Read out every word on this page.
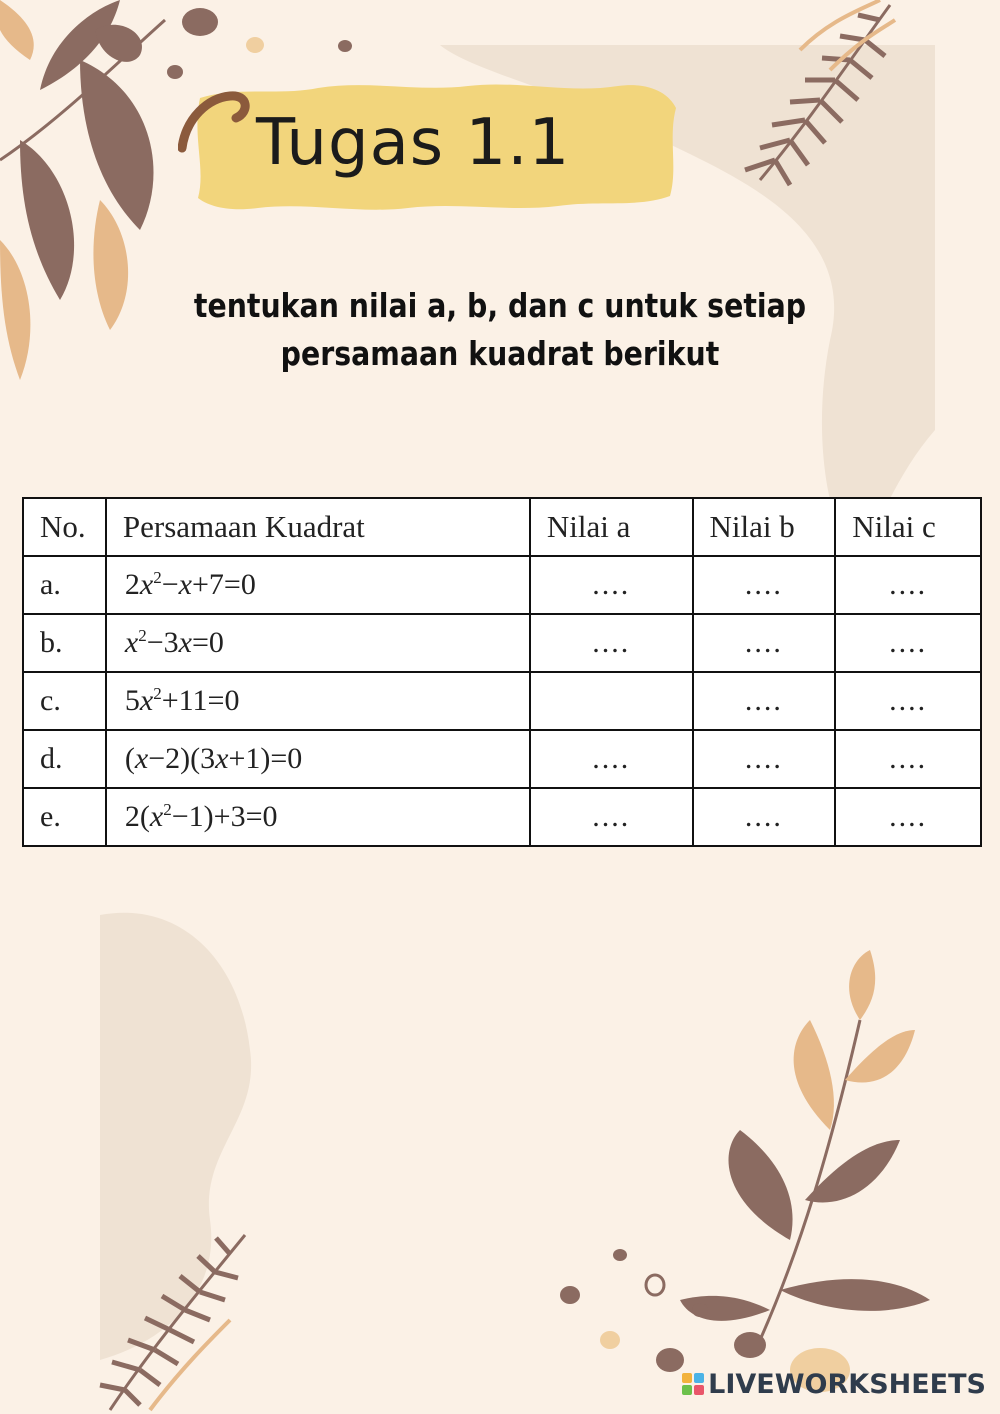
Tugas 1.1
tentukan nilai a, b, dan c untuk setiap persamaan kuadrat berikut
No.	Persamaan Kuadrat	Nilai a	Nilai b	Nilai c
a.	$2x^2-x+7=0$	....	....	....
b.	$x^2-3x=0$	....	....	....
c.	$5x^2+11=0$		....	....
d.	(x−2)(3x+1)=0	....	....	....
e.	$2(x^2-1)+3=0$	....	....	....
LIVEWORKSHEETS
